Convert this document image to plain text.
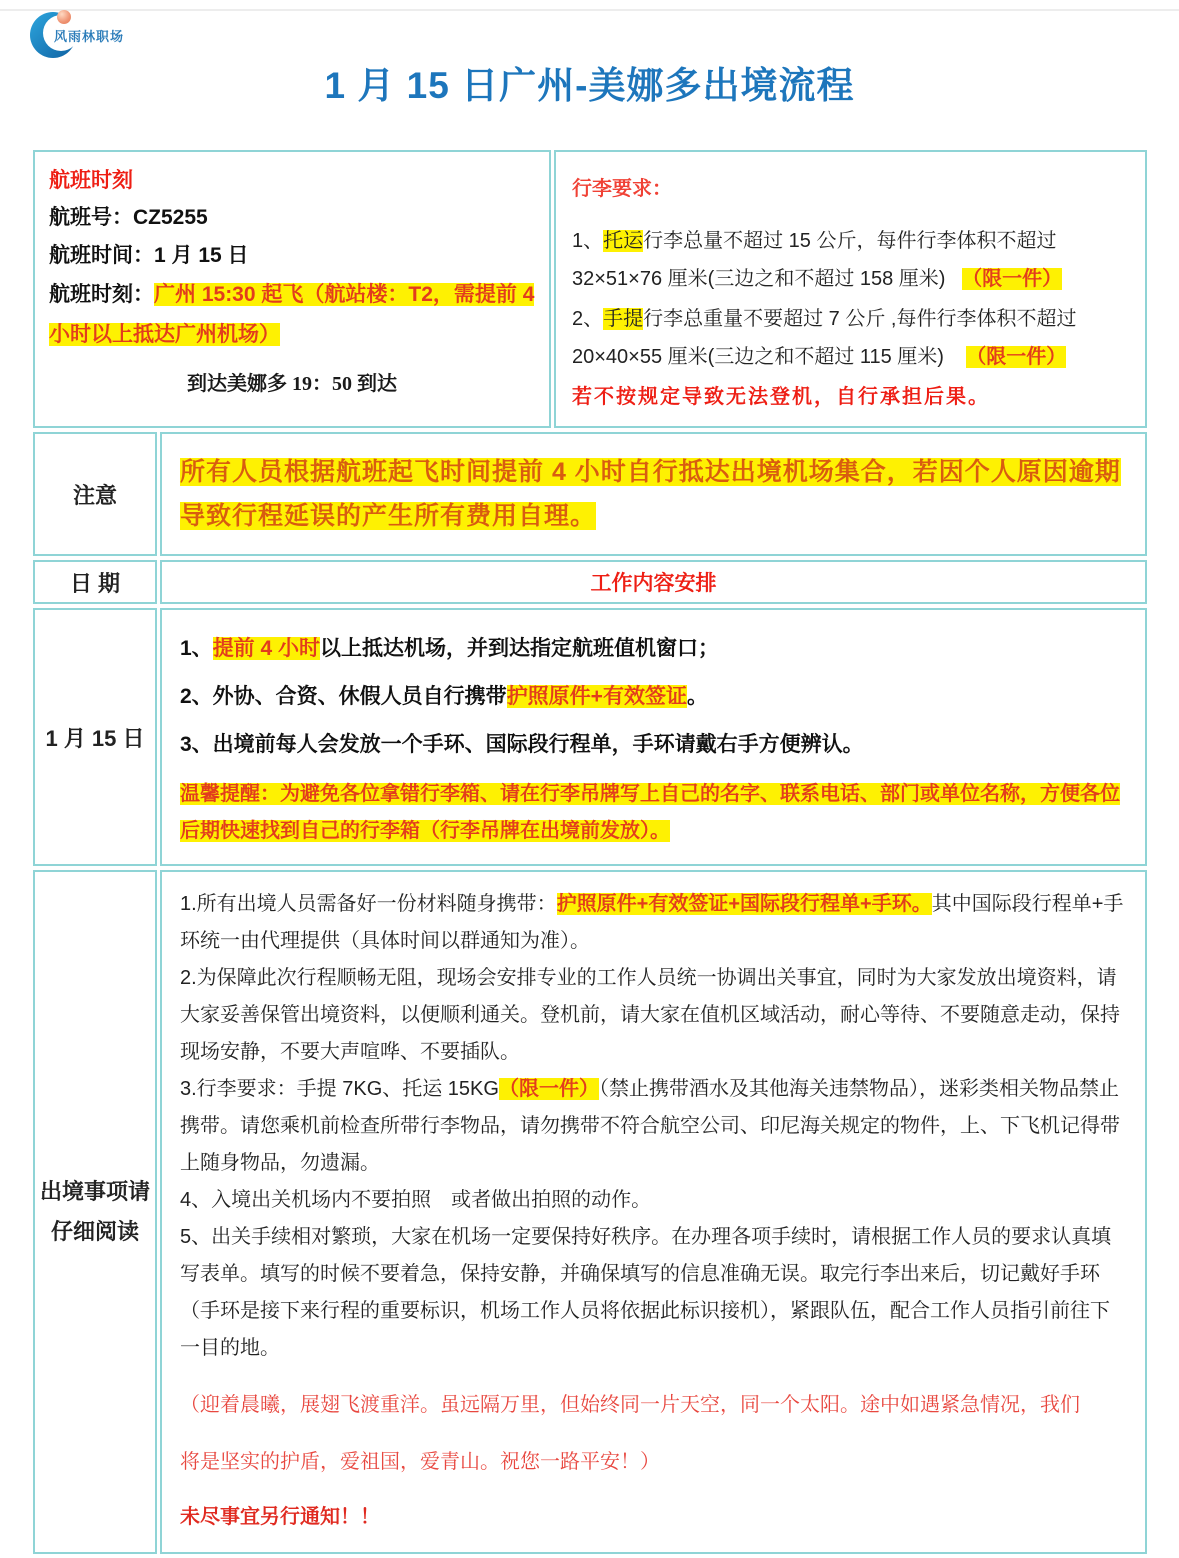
风雨林职场
1 月 15 日广州-美娜多出境流程
航班时刻
航班号：CZ5255
航班时间：1 月 15 日
航班时刻：广州 15:30 起飞（航站楼：T2，需提前 4 小时以上抵达广州机场）
到达美娜多 19：50 到达
行李要求：
1、托运行李总量不超过 15 公斤，每件行李体积不超过 32×51×76 厘米(三边之和不超过 158 厘米) （限一件）
2、手提行李总重量不要超过 7 公斤 ,每件行李体积不超过 20×40×55 厘米(三边之和不超过 115 厘米) （限一件）
若不按规定导致无法登机，自行承担后果。
注意
所有人员根据航班起飞时间提前 4 小时自行抵达出境机场集合，若因个人原因逾期导致行程延误的产生所有费用自理。
日 期	工作内容安排
1 月 15 日
1、提前 4 小时以上抵达机场，并到达指定航班值机窗口；
2、外协、合资、休假人员自行携带护照原件+有效签证。
3、出境前每人会发放一个手环、国际段行程单，手环请戴右手方便辨认。
温馨提醒：为避免各位拿错行李箱、请在行李吊牌写上自己的名字、联系电话、部门或单位名称，方便各位后期快速找到自己的行李箱（行李吊牌在出境前发放）。
出境事项请
仔细阅读

1.所有出境人员需备好一份材料随身携带：护照原件+有效签证+国际段行程单+手环。其中国际段行程单+手环统一由代理提供（具体时间以群通知为准）。

2.为保障此次行程顺畅无阻，现场会安排专业的工作人员统一协调出关事宜，同时为大家发放出境资料，请大家妥善保管出境资料，以便顺利通关。登机前，请大家在值机区域活动，耐心等待、不要随意走动，保持现场安静，不要大声喧哗、不要插队。

3.行李要求：手提 7KG、托运 15KG（限一件）（禁止携带酒水及其他海关违禁物品），迷彩类相关物品禁止携带。请您乘机前检查所带行李物品，请勿携带不符合航空公司、印尼海关规定的物件，上、下飞机记得带上随身物品，勿遗漏。

4、入境出关机场内不要拍照　或者做出拍照的动作。

5、出关手续相对繁琐，大家在机场一定要保持好秩序。在办理各项手续时，请根据工作人员的要求认真填写表单。填写的时候不要着急，保持安静，并确保填写的信息准确无误。取完行李出来后，切记戴好手环（手环是接下来行程的重要标识，机场工作人员将依据此标识接机），紧跟队伍，配合工作人员指引前往下一目的地。

（迎着晨曦，展翅飞渡重洋。虽远隔万里，但始终同一片天空，同一个太阳。途中如遇紧急情况，我们

将是坚实的护盾，爱祖国，爱青山。祝您一路平安！）

未尽事宜另行通知！！
